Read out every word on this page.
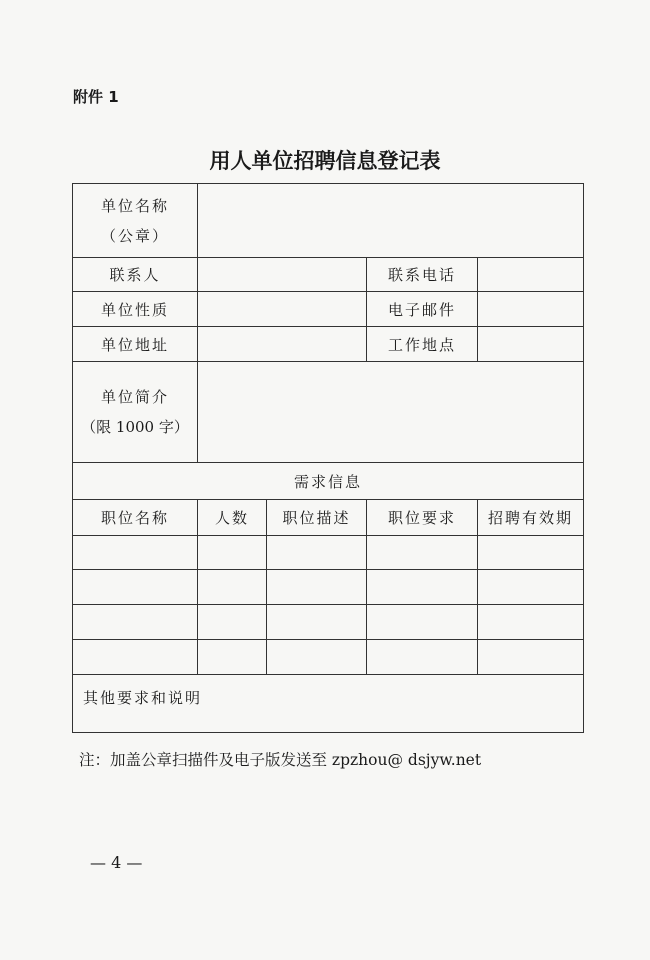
附件 1
用人单位招聘信息登记表
单位名称
（公章）				

联系人			联系电话	
单位性质			电子邮件	
单位地址			工作地点	

单位简介
（限 1000 字）				

需求信息				
职位名称	人数	职位描述	职位要求	招聘有效期

其他要求和说明				
注：加盖公章扫描件及电子版发送至 zpzhou@ dsjyw.net
— 4 —
